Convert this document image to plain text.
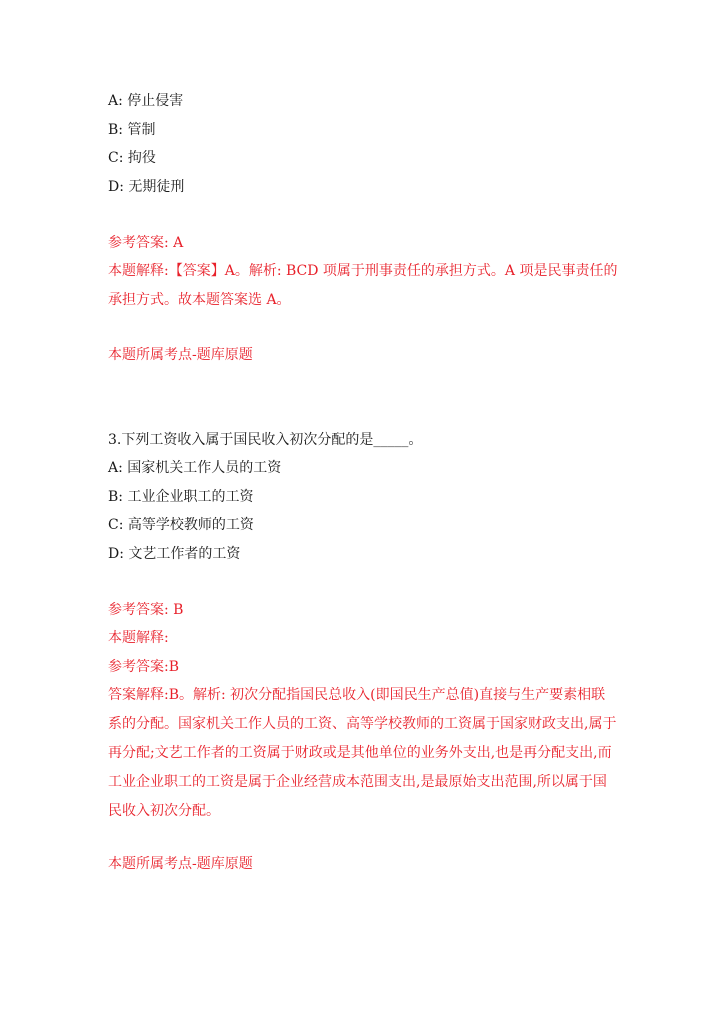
A: 停止侵害
B: 管制
C: 拘役
D: 无期徒刑
参考答案: A
本题解释:【答案】A。解析: BCD 项属于刑事责任的承担方式。A 项是民事责任的承担方式。故本题答案选 A。
本题所属考点-题库原题
3.下列工资收入属于国民收入初次分配的是_____。
A: 国家机关工作人员的工资
B: 工业企业职工的工资
C: 高等学校教师的工资
D: 文艺工作者的工资
参考答案: B
本题解释:
参考答案:B
答案解释:B。解析: 初次分配指国民总收入(即国民生产总值)直接与生产要素相联系的分配。国家机关工作人员的工资、高等学校教师的工资属于国家财政支出,属于再分配;文艺工作者的工资属于财政或是其他单位的业务外支出,也是再分配支出,而工业企业职工的工资是属于企业经营成本范围支出,是最原始支出范围,所以属于国民收入初次分配。
本题所属考点-题库原题
